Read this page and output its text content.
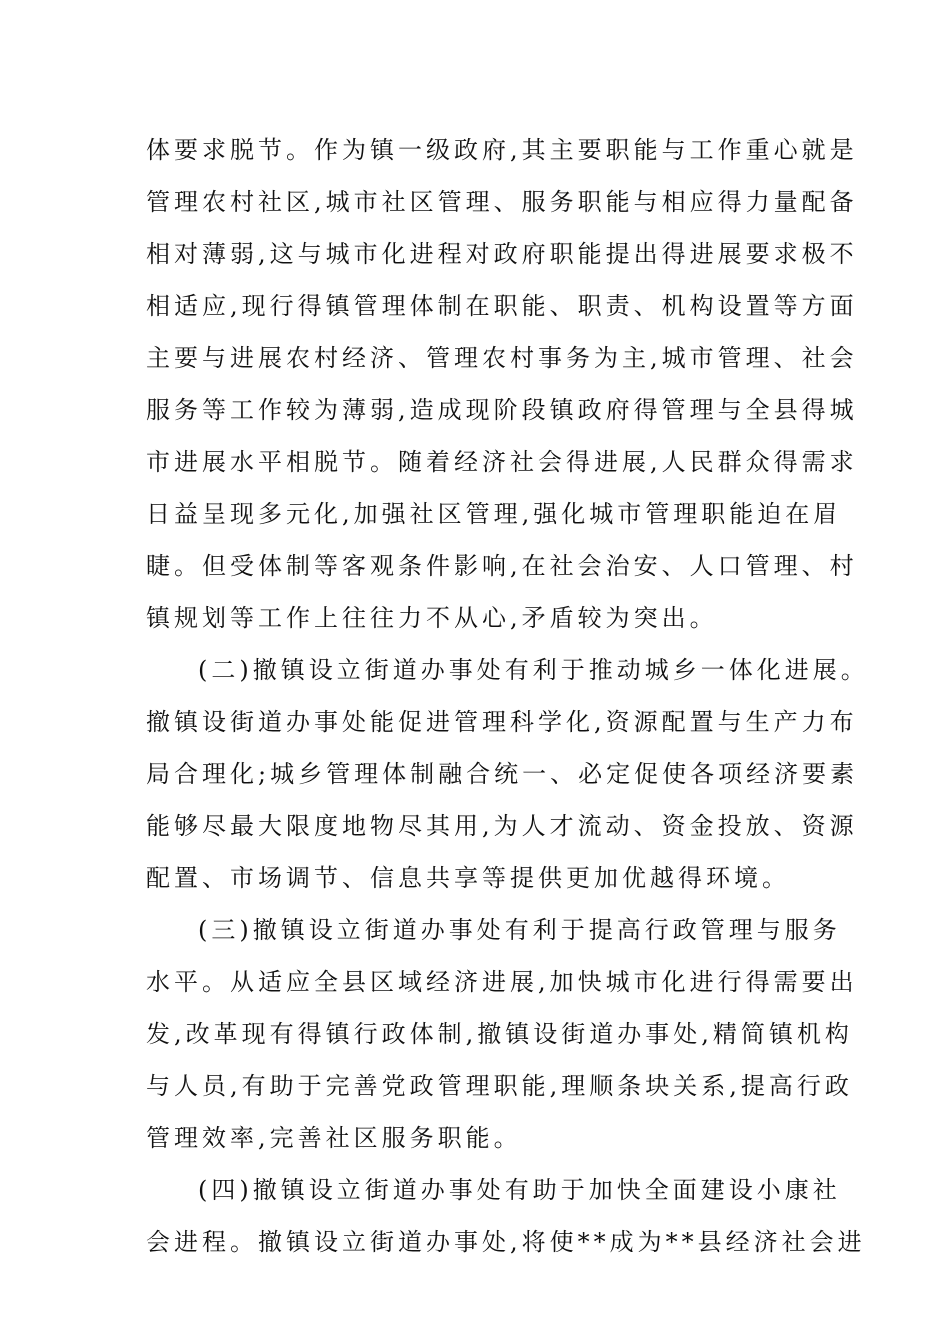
体要求脱节。作为镇一级政府,其主要职能与工作重心就是
管理农村社区,城市社区管理、服务职能与相应得力量配备
相对薄弱,这与城市化进程对政府职能提出得进展要求极不
相适应,现行得镇管理体制在职能、职责、机构设置等方面
主要与进展农村经济、管理农村事务为主,城市管理、社会
服务等工作较为薄弱,造成现阶段镇政府得管理与全县得城
市进展水平相脱节。随着经济社会得进展,人民群众得需求
日益呈现多元化,加强社区管理,强化城市管理职能迫在眉
睫。但受体制等客观条件影响,在社会治安、人口管理、村
镇规划等工作上往往力不从心,矛盾较为突出。
(二)撤镇设立街道办事处有利于推动城乡一体化进展。
撤镇设街道办事处能促进管理科学化,资源配置与生产力布
局合理化;城乡管理体制融合统一、必定促使各项经济要素
能够尽最大限度地物尽其用,为人才流动、资金投放、资源
配置、市场调节、信息共享等提供更加优越得环境。
(三)撤镇设立街道办事处有利于提高行政管理与服务
水平。从适应全县区域经济进展,加快城市化进行得需要出
发,改革现有得镇行政体制,撤镇设街道办事处,精简镇机构
与人员,有助于完善党政管理职能,理顺条块关系,提高行政
管理效率,完善社区服务职能。
(四)撤镇设立街道办事处有助于加快全面建设小康社
会进程。撤镇设立街道办事处,将使**成为**县经济社会进
